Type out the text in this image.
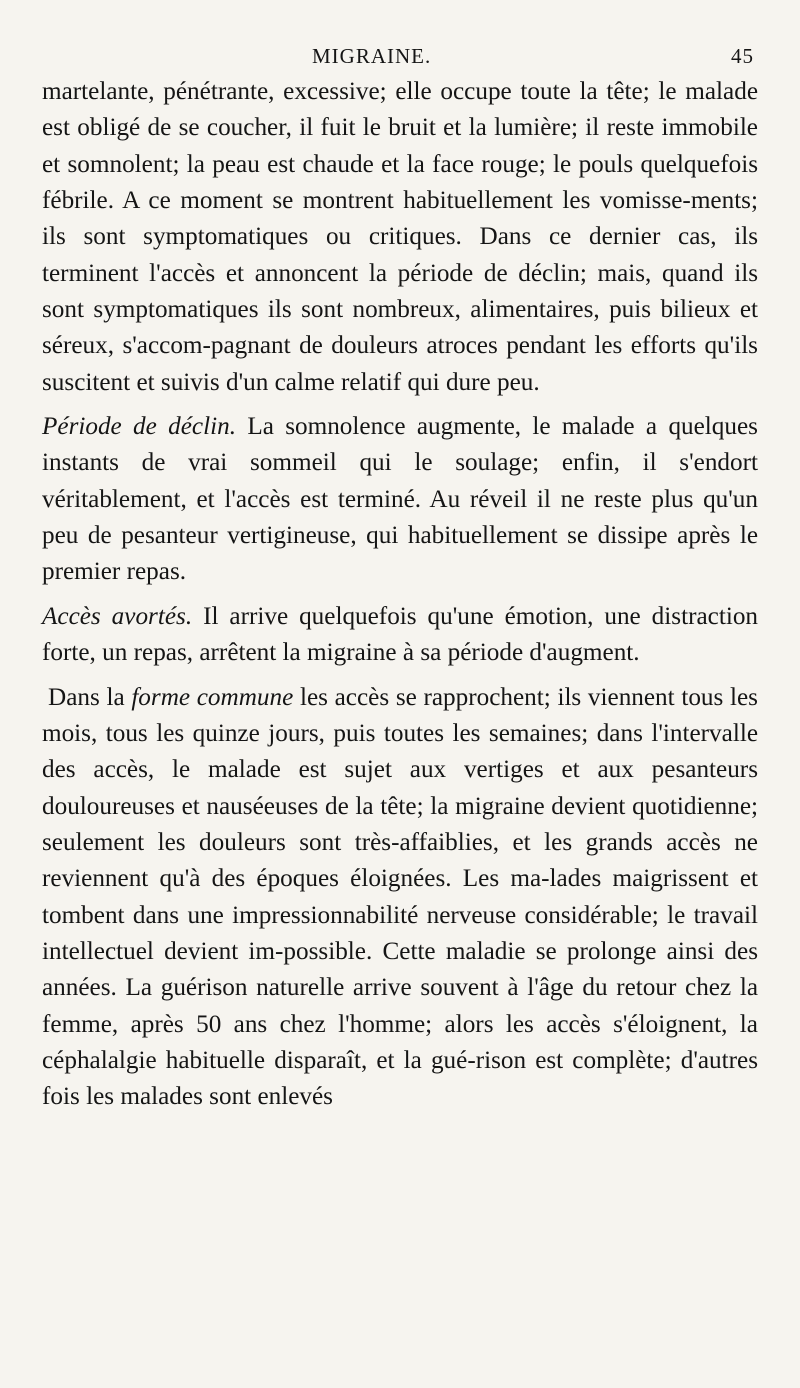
MIGRAINE.	45

martelante, pénétrante, excessive; elle occupe toute la tête; le malade est obligé de se coucher, il fuit le bruit et la lumière; il reste immobile et somnolent; la peau est chaude et la face rouge; le pouls quelquefois fébrile. A ce moment se montrent habituellement les vomisse-ments; ils sont symptomatiques ou critiques. Dans ce dernier cas, ils terminent l'accès et annoncent la période de déclin; mais, quand ils sont symptomatiques ils sont nombreux, alimentaires, puis bilieux et séreux, s'accom-pagnant de douleurs atroces pendant les efforts qu'ils suscitent et suivis d'un calme relatif qui dure peu.

Période de déclin. La somnolence augmente, le malade a quelques instants de vrai sommeil qui le soulage; enfin, il s'endort véritablement, et l'accès est terminé. Au réveil il ne reste plus qu'un peu de pesanteur vertigineuse, qui habituellement se dissipe après le premier repas.

Accès avortés. Il arrive quelquefois qu'une émotion, une distraction forte, un repas, arrêtent la migraine à sa période d'augment.

Dans la forme commune les accès se rapprochent; ils viennent tous les mois, tous les quinze jours, puis toutes les semaines; dans l'intervalle des accès, le malade est sujet aux vertiges et aux pesanteurs douloureuses et nauséeuses de la tête; la migraine devient quotidienne; seulement les douleurs sont très-affaiblies, et les grands accès ne reviennent qu'à des époques éloignées. Les ma-lades maigrissent et tombent dans une impressionnabilité nerveuse considérable; le travail intellectuel devient im-possible. Cette maladie se prolonge ainsi des années. La guérison naturelle arrive souvent à l'âge du retour chez la femme, après 50 ans chez l'homme; alors les accès s'éloignent, la céphalalgie habituelle disparaît, et la gué-rison est complète; d'autres fois les malades sont enlevés
